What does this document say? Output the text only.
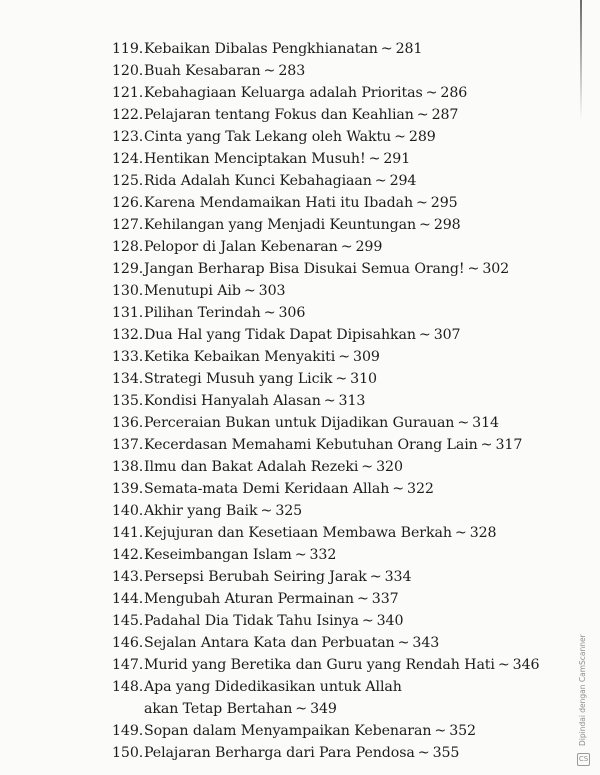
119. Kebaikan Dibalas Pengkhianatan ~ 281
120. Buah Kesabaran ~ 283
121. Kebahagiaan Keluarga adalah Prioritas ~ 286
122. Pelajaran tentang Fokus dan Keahlian ~ 287
123. Cinta yang Tak Lekang oleh Waktu ~ 289
124. Hentikan Menciptakan Musuh! ~ 291
125. Rida Adalah Kunci Kebahagiaan ~ 294
126. Karena Mendamaikan Hati itu Ibadah ~ 295
127. Kehilangan yang Menjadi Keuntungan ~ 298
128. Pelopor di Jalan Kebenaran ~ 299
129. Jangan Berharap Bisa Disukai Semua Orang! ~ 302
130. Menutupi Aib ~ 303
131. Pilihan Terindah ~ 306
132. Dua Hal yang Tidak Dapat Dipisahkan ~ 307
133. Ketika Kebaikan Menyakiti ~ 309
134. Strategi Musuh yang Licik ~ 310
135. Kondisi Hanyalah Alasan ~ 313
136. Perceraian Bukan untuk Dijadikan Gurauan ~ 314
137. Kecerdasan Memahami Kebutuhan Orang Lain ~ 317
138. Ilmu dan Bakat Adalah Rezeki ~ 320
139. Semata-mata Demi Keridaan Allah ~ 322
140. Akhir yang Baik ~ 325
141. Kejujuran dan Kesetiaan Membawa Berkah ~ 328
142. Keseimbangan Islam ~ 332
143. Persepsi Berubah Seiring Jarak ~ 334
144. Mengubah Aturan Permainan ~ 337
145. Padahal Dia Tidak Tahu Isinya ~ 340
146. Sejalan Antara Kata dan Perbuatan ~ 343
147. Murid yang Beretika dan Guru yang Rendah Hati ~ 346
148. Apa yang Didedikasikan untuk Allah
akan Tetap Bertahan ~ 349
149. Sopan dalam Menyampaikan Kebenaran ~ 352
150. Pelajaran Berharga dari Para Pendosa ~ 355
Dipindai dengan CamScanner
CS
